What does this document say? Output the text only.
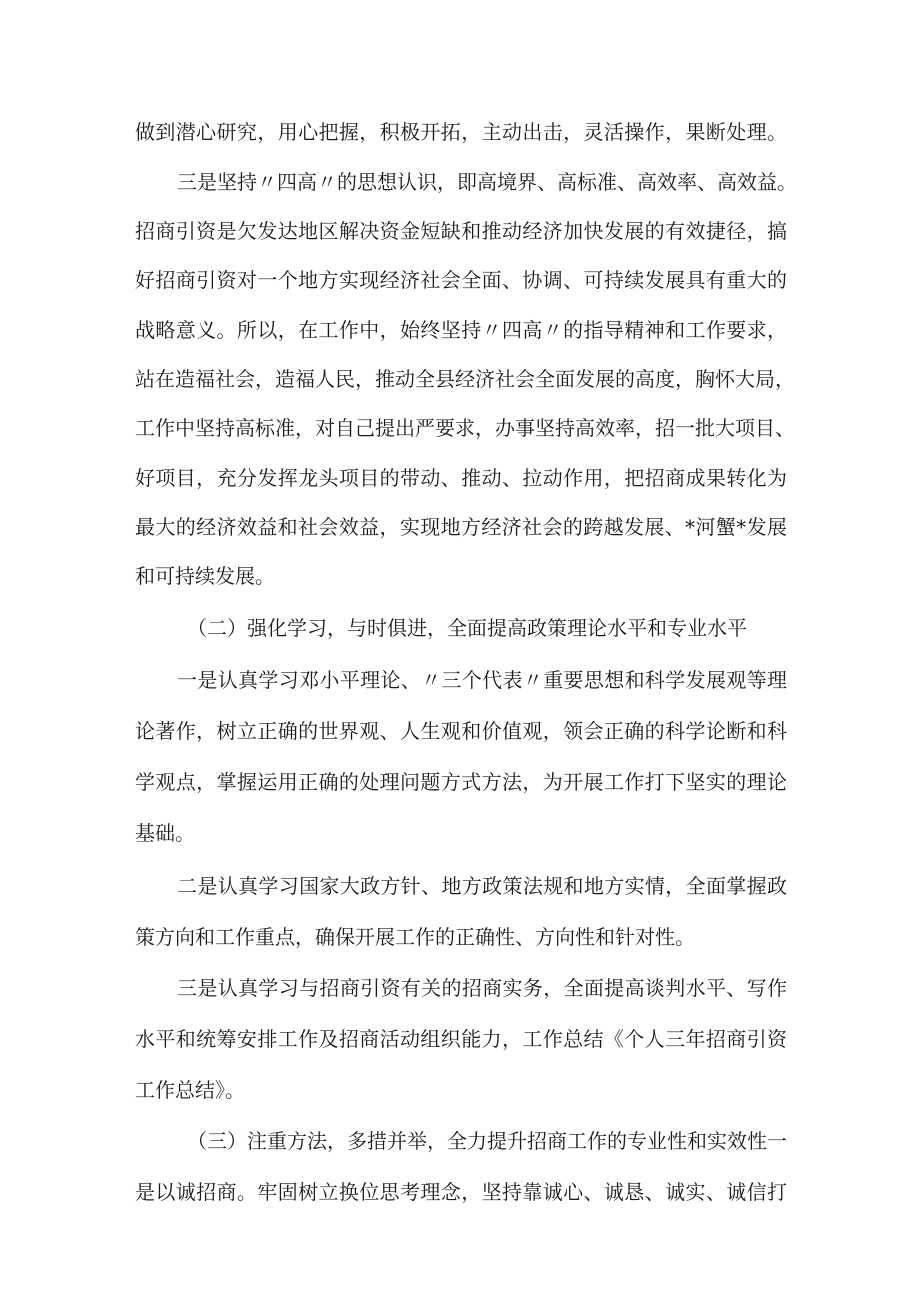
做到潜心研究，用心把握，积极开拓，主动出击，灵活操作，果断处理。

三是坚持〃四高〃的思想认识，即高境界、高标准、高效率、高效益。

招商引资是欠发达地区解决资金短缺和推动经济加快发展的有效捷径，搞

好招商引资对一个地方实现经济社会全面、协调、可持续发展具有重大的

战略意义。所以，在工作中，始终坚持〃四高〃的指导精神和工作要求，

站在造福社会，造福人民，推动全县经济社会全面发展的高度，胸怀大局，

工作中坚持高标准，对自己提出严要求，办事坚持高效率，招一批大项目、

好项目，充分发挥龙头项目的带动、推动、拉动作用，把招商成果转化为

最大的经济效益和社会效益，实现地方经济社会的跨越发展、*河蟹*发展

和可持续发展。

（二）强化学习，与时俱进，全面提高政策理论水平和专业水平

一是认真学习邓小平理论、〃三个代表〃重要思想和科学发展观等理

论著作，树立正确的世界观、人生观和价值观，领会正确的科学论断和科

学观点，掌握运用正确的处理问题方式方法，为开展工作打下坚实的理论

基础。

二是认真学习国家大政方针、地方政策法规和地方实情，全面掌握政

策方向和工作重点，确保开展工作的正确性、方向性和针对性。

三是认真学习与招商引资有关的招商实务，全面提高谈判水平、写作

水平和统筹安排工作及招商活动组织能力，工作总结《个人三年招商引资

工作总结》。

（三）注重方法，多措并举，全力提升招商工作的专业性和实效性一

是以诚招商。牢固树立换位思考理念，坚持靠诚心、诚恳、诚实、诚信打
